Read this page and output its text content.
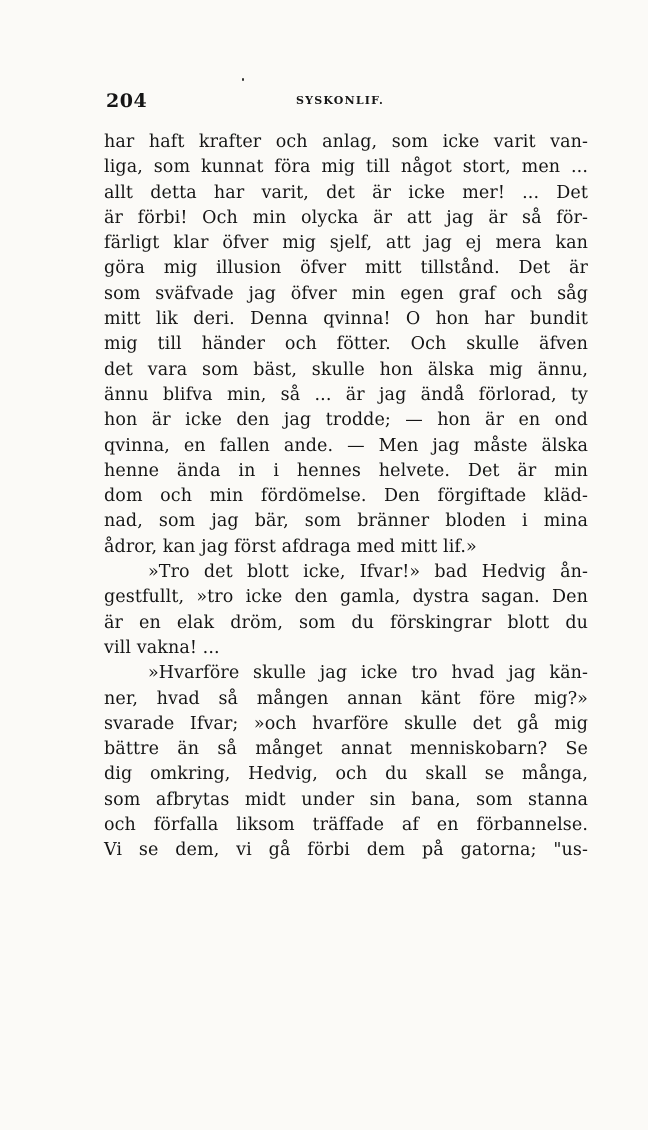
204	SYSKONLIF.
har haft krafter och anlag, som icke varit van-
liga, som kunnat föra mig till något stort, men ...
allt detta har varit, det är icke mer! ... Det
är förbi! Och min olycka är att jag är så för-
färligt klar öfver mig sjelf, att jag ej mera kan
göra mig illusion öfver mitt tillstånd. Det är
som sväfvade jag öfver min egen graf och såg
mitt lik deri. Denna qvinna! O hon har bundit
mig till händer och fötter. Och skulle äfven
det vara som bäst, skulle hon älska mig ännu,
ännu blifva min, så ... är jag ändå förlorad, ty
hon är icke den jag trodde; — hon är en ond
qvinna, en fallen ande. — Men jag måste älska
henne ända in i hennes helvete. Det är min
dom och min fördömelse. Den förgiftade kläd-
nad, som jag bär, som bränner bloden i mina
ådror, kan jag först afdraga med mitt lif.»
»Tro det blott icke, Ifvar!» bad Hedvig ån-
gestfullt, »tro icke den gamla, dystra sagan. Den
är en elak dröm, som du förskingrar blott du
vill vakna! ...
»Hvarföre skulle jag icke tro hvad jag kän-
ner, hvad så mången annan känt före mig?»
svarade Ifvar; »och hvarföre skulle det gå mig
bättre än så månget annat menniskobarn? Se
dig omkring, Hedvig, och du skall se många,
som afbrytas midt under sin bana, som stanna
och förfalla liksom träffade af en förbannelse.
Vi se dem, vi gå förbi dem på gatorna; "us-
